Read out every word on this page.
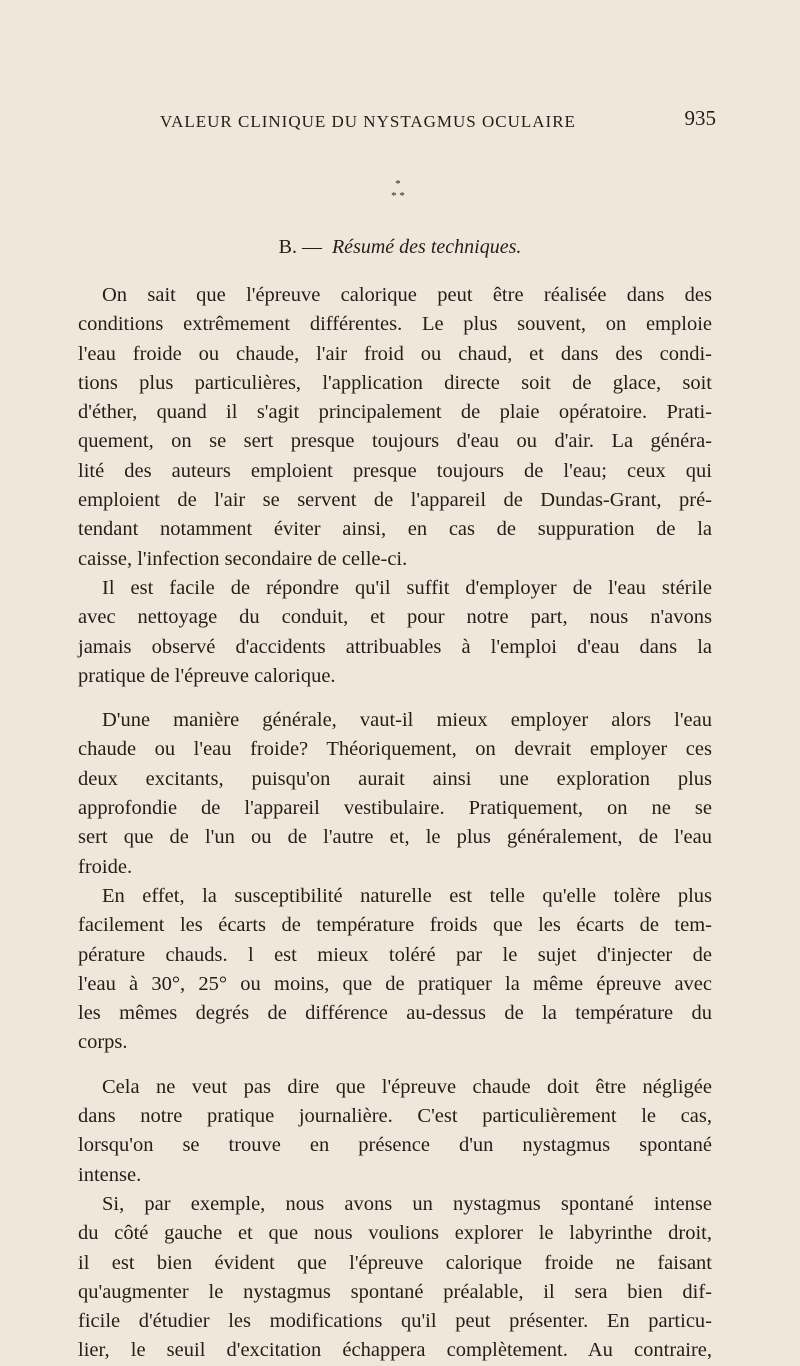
VALEUR CLINIQUE DU NYSTAGMUS OCULAIRE	935
*
* *
B. — Résumé des techniques.
On sait que l'épreuve calorique peut être réalisée dans des
conditions extrêmement différentes. Le plus souvent, on emploie
l'eau froide ou chaude, l'air froid ou chaud, et dans des condi-
tions plus particulières, l'application directe soit de glace, soit
d'éther, quand il s'agit principalement de plaie opératoire. Prati-
quement, on se sert presque toujours d'eau ou d'air. La généra-
lité des auteurs emploient presque toujours de l'eau; ceux qui
emploient de l'air se servent de l'appareil de Dundas-Grant, pré-
tendant notamment éviter ainsi, en cas de suppuration de la
caisse, l'infection secondaire de celle-ci.
Il est facile de répondre qu'il suffit d'employer de l'eau stérile
avec nettoyage du conduit, et pour notre part, nous n'avons
jamais observé d'accidents attribuables à l'emploi d'eau dans la
pratique de l'épreuve calorique.
D'une manière générale, vaut-il mieux employer alors l'eau
chaude ou l'eau froide? Théoriquement, on devrait employer ces
deux excitants, puisqu'on aurait ainsi une exploration plus
approfondie de l'appareil vestibulaire. Pratiquement, on ne se
sert que de l'un ou de l'autre et, le plus généralement, de l'eau
froide.
En effet, la susceptibilité naturelle est telle qu'elle tolère plus
facilement les écarts de température froids que les écarts de tem-
pérature chauds. l est mieux toléré par le sujet d'injecter de
l'eau à 30°, 25° ou moins, que de pratiquer la même épreuve avec
les mêmes degrés de différence au-dessus de la température du
corps.
Cela ne veut pas dire que l'épreuve chaude doit être négligée
dans notre pratique journalière. C'est particulièrement le cas,
lorsqu'on se trouve en présence d'un nystagmus spontané
intense.
Si, par exemple, nous avons un nystagmus spontané intense
du côté gauche et que nous voulions explorer le labyrinthe droit,
il est bien évident que l'épreuve calorique froide ne faisant
qu'augmenter le nystagmus spontané préalable, il sera bien dif-
ficile d'étudier les modifications qu'il peut présenter. En particu-
lier, le seuil d'excitation échappera complètement. Au contraire,
